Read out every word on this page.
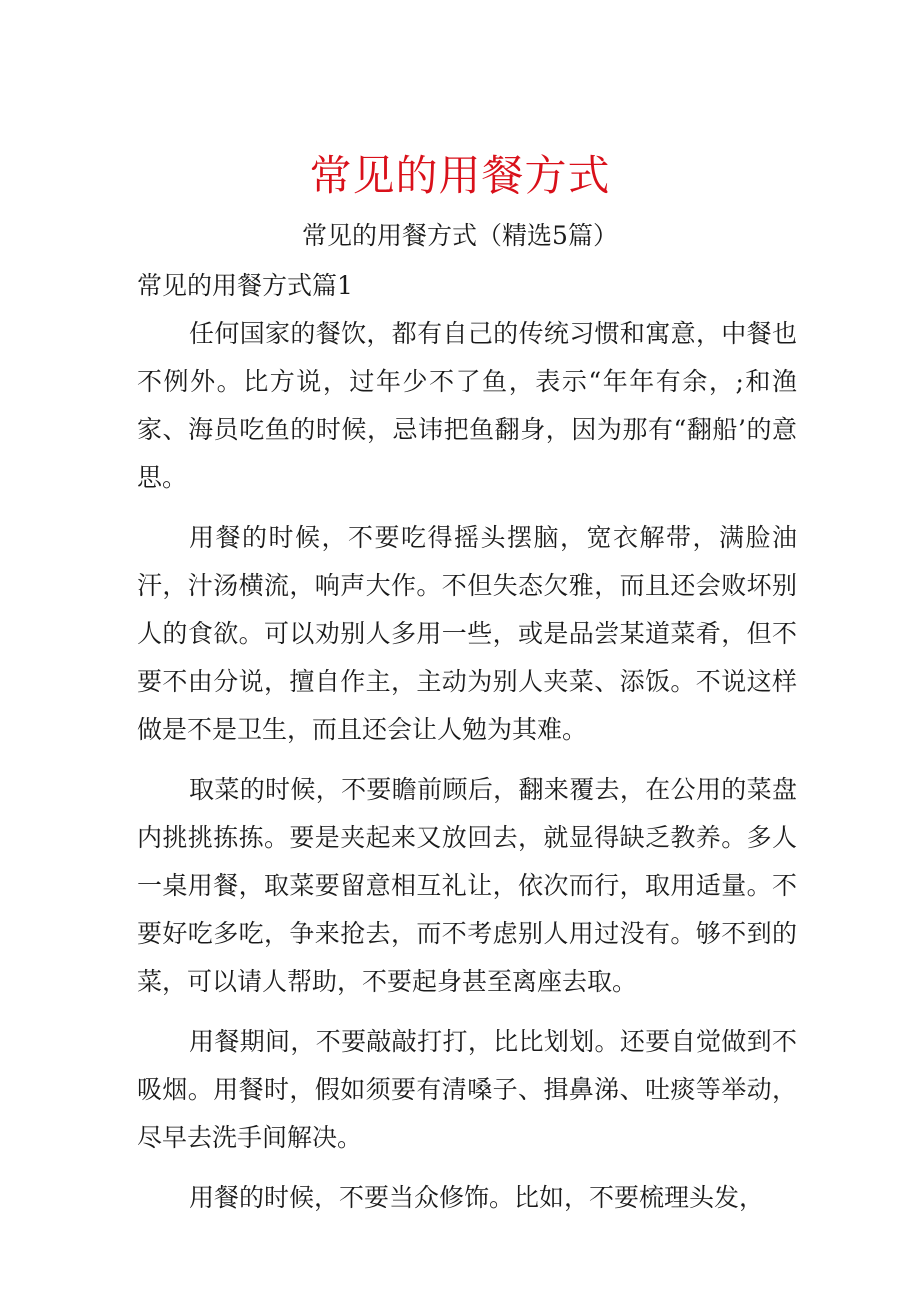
常见的用餐方式
常见的用餐方式（精选5篇）
常见的用餐方式篇1

任何国家的餐饮，都有自己的传统习惯和寓意，中餐也不例外。比方说，过年少不了鱼，表示“年年有余，;和渔家、海员吃鱼的时候，忌讳把鱼翻身，因为那有“翻船’的意思。

用餐的时候，不要吃得摇头摆脑，宽衣解带，满脸油汗，汁汤横流，响声大作。不但失态欠雅，而且还会败坏别人的食欲。可以劝别人多用一些，或是品尝某道菜肴，但不要不由分说，擅自作主，主动为别人夹菜、添饭。不说这样做是不是卫生，而且还会让人勉为其难。

取菜的时候，不要瞻前顾后，翻来覆去，在公用的菜盘内挑挑拣拣。要是夹起来又放回去，就显得缺乏教养。多人一桌用餐，取菜要留意相互礼让，依次而行，取用适量。不要好吃多吃，争来抢去，而不考虑别人用过没有。够不到的菜，可以请人帮助，不要起身甚至离座去取。

用餐期间，不要敲敲打打，比比划划。还要自觉做到不吸烟。用餐时，假如须要有清嗓子、揖鼻涕、吐痰等举动，尽早去洗手间解决。

用餐的时候，不要当众修饰。比如，不要梳理头发，
